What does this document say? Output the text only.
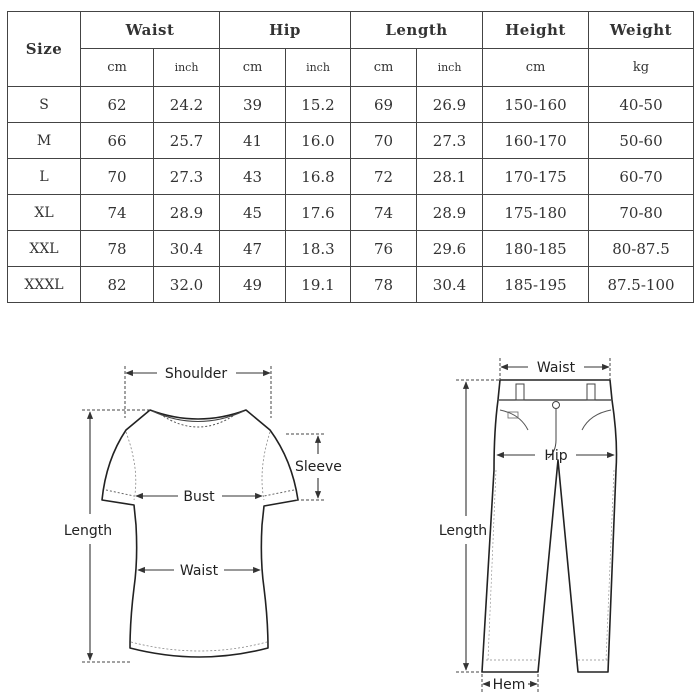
Size	Waist		Hip		Length		Height	Weight
	cm	inch	cm	inch	cm	inch	cm	kg
S	62	24.2	39	15.2	69	26.9	150-160	40-50
M	66	25.7	41	16.0	70	27.3	160-170	50-60
L	70	27.3	43	16.8	72	28.1	170-175	60-70
XL	74	28.9	45	17.6	74	28.9	175-180	70-80
XXL	78	30.4	47	18.3	76	29.6	180-185	80-87.5
XXXL	82	32.0	49	19.1	78	30.4	185-195	87.5-100
Shoulder
Sleeve
Bust
Waist
Length
Waist
Hip
Length
Hem
